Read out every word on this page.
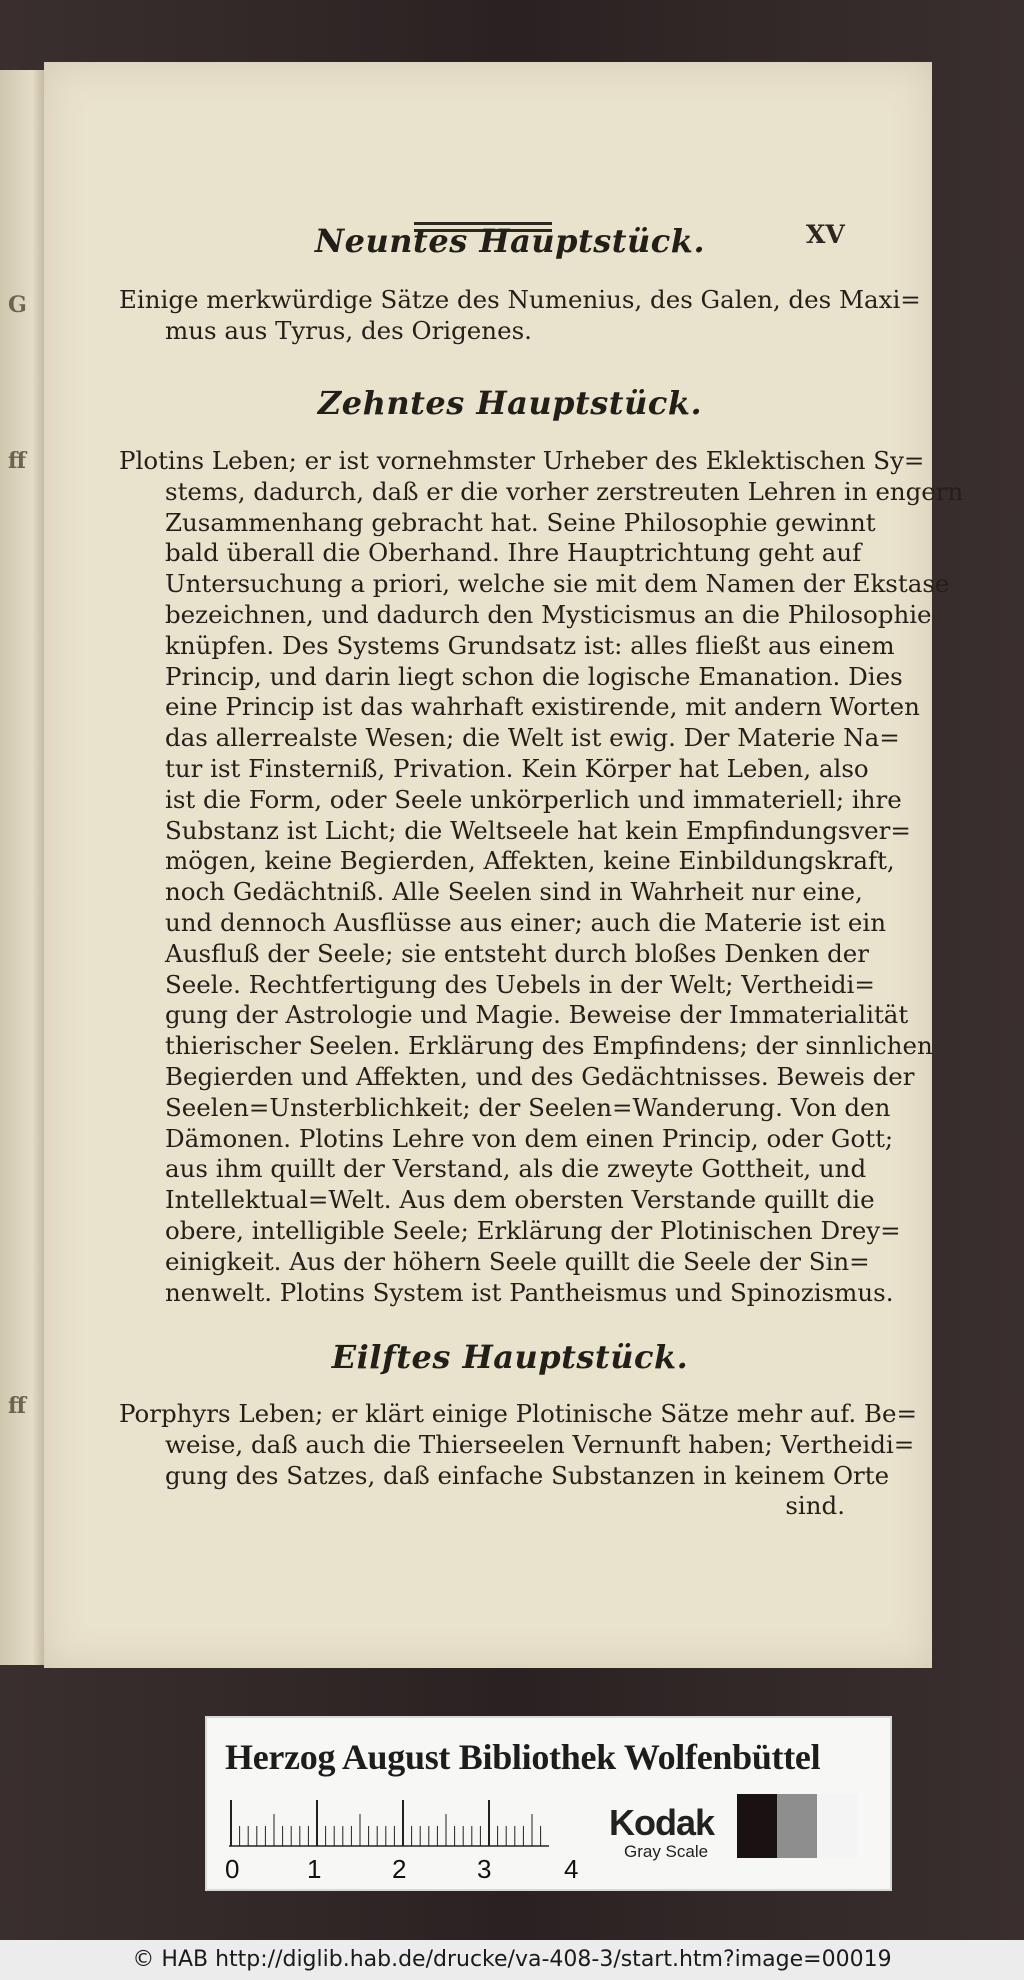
G
ff
ff
XV
Neuntes Hauptstück.
Einige merkwürdige Sätze des Numenius, des Galen, des Maxi=
mus aus Tyrus, des Origenes.
Zehntes Hauptstück.
Plotins Leben; er ist vornehmster Urheber des Eklektischen Sy=
stems, dadurch, daß er die vorher zerstreuten Lehren in engern
Zusammenhang gebracht hat. Seine Philosophie gewinnt
bald überall die Oberhand. Ihre Hauptrichtung geht auf
Untersuchung a priori, welche sie mit dem Namen der Ekstase
bezeichnen, und dadurch den Mysticismus an die Philosophie
knüpfen. Des Systems Grundsatz ist: alles fließt aus einem
Princip, und darin liegt schon die logische Emanation. Dies
eine Princip ist das wahrhaft existirende, mit andern Worten
das allerrealste Wesen; die Welt ist ewig. Der Materie Na=
tur ist Finsterniß, Privation. Kein Körper hat Leben, also
ist die Form, oder Seele unkörperlich und immateriell; ihre
Substanz ist Licht; die Weltseele hat kein Empfindungsver=
mögen, keine Begierden, Affekten, keine Einbildungskraft,
noch Gedächtniß. Alle Seelen sind in Wahrheit nur eine,
und dennoch Ausflüsse aus einer; auch die Materie ist ein
Ausfluß der Seele; sie entsteht durch bloßes Denken der
Seele. Rechtfertigung des Uebels in der Welt; Vertheidi=
gung der Astrologie und Magie. Beweise der Immaterialität
thierischer Seelen. Erklärung des Empfindens; der sinnlichen
Begierden und Affekten, und des Gedächtnisses. Beweis der
Seelen=Unsterblichkeit; der Seelen=Wanderung. Von den
Dämonen. Plotins Lehre von dem einen Princip, oder Gott;
aus ihm quillt der Verstand, als die zweyte Gottheit, und
Intellektual=Welt. Aus dem obersten Verstande quillt die
obere, intelligible Seele; Erklärung der Plotinischen Drey=
einigkeit. Aus der höhern Seele quillt die Seele der Sin=
nenwelt. Plotins System ist Pantheismus und Spinozismus.
Eilftes Hauptstück.
Porphyrs Leben; er klärt einige Plotinische Sätze mehr auf. Be=
weise, daß auch die Thierseelen Vernunft haben; Vertheidi=
gung des Satzes, daß einfache Substanzen in keinem Orte
sind.
Herzog August Bibliothek Wolfenbüttel
0	1	2	3	4
Kodak
Gray Scale
© HAB http://diglib.hab.de/drucke/va-408-3/start.htm?image=00019
